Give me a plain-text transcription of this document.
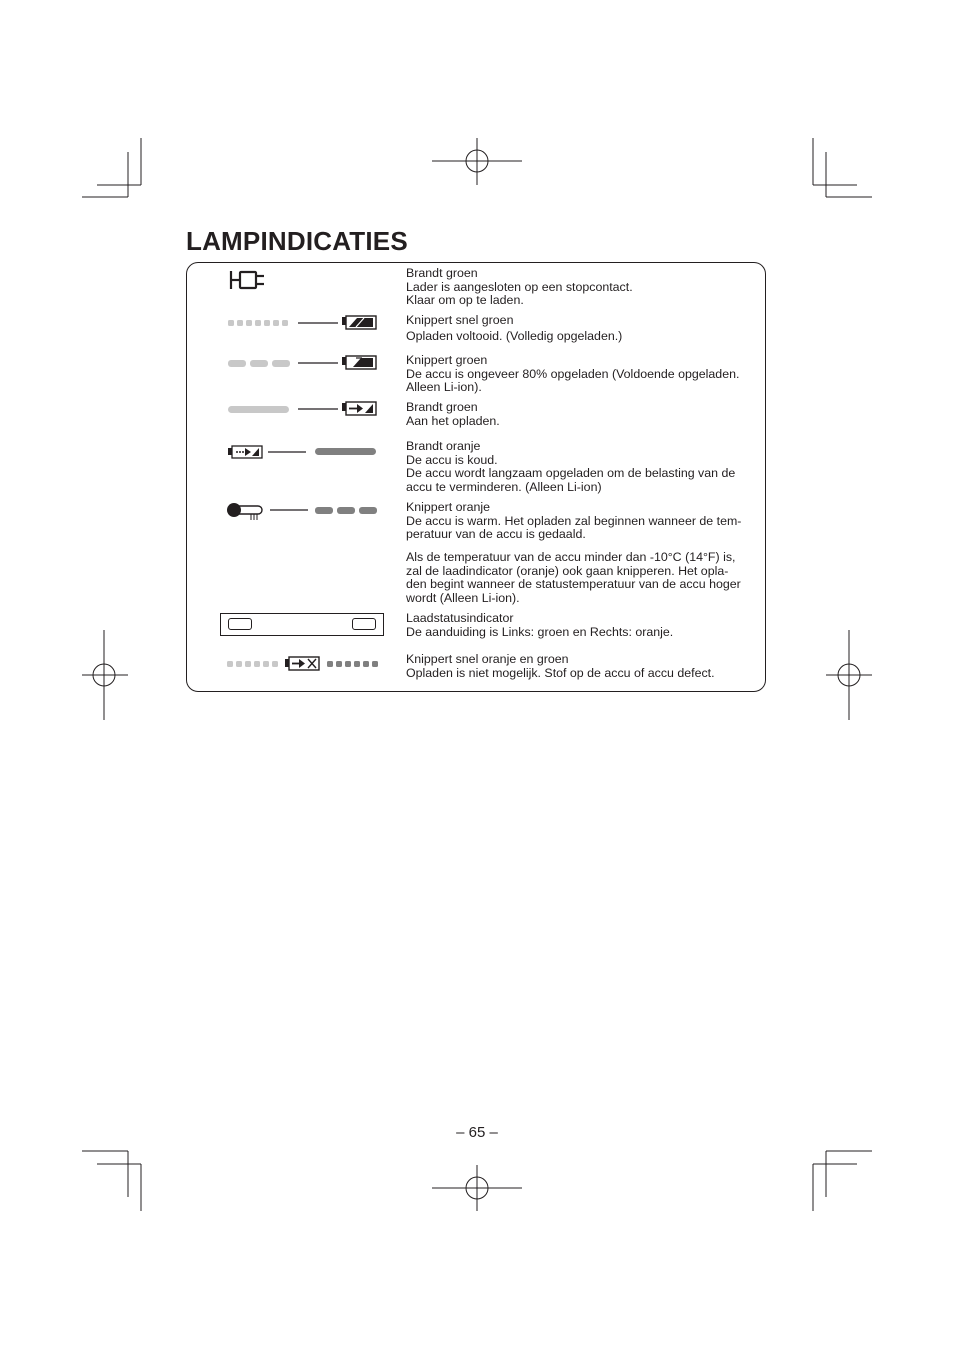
LAMPINDICATIES
Brandt groen
Lader is aangesloten op een stopcontact.
Klaar om op te laden.
Knippert snel groen
Opladen voltooid. (Volledig opgeladen.)
Knippert groen
De accu is ongeveer 80% opgeladen (Voldoende opgeladen.
Alleen Li-ion).
Brandt groen
Aan het opladen.
Brandt oranje
De accu is koud.
De accu wordt langzaam opgeladen om de belasting van de
accu te verminderen. (Alleen Li-ion)
Knippert oranje
De accu is warm. Het opladen zal beginnen wanneer de tem-
peratuur van de accu is gedaald.
Als de temperatuur van de accu minder dan -10°C (14°F) is,
zal de laadindicator (oranje) ook gaan knipperen. Het opla-
den begint wanneer de statustemperatuur van de accu hoger
wordt (Alleen Li-ion).
Laadstatusindicator
De aanduiding is Links: groen en Rechts: oranje.
Knippert snel oranje en groen
Opladen is niet mogelijk. Stof op de accu of accu defect.
– 65 –
